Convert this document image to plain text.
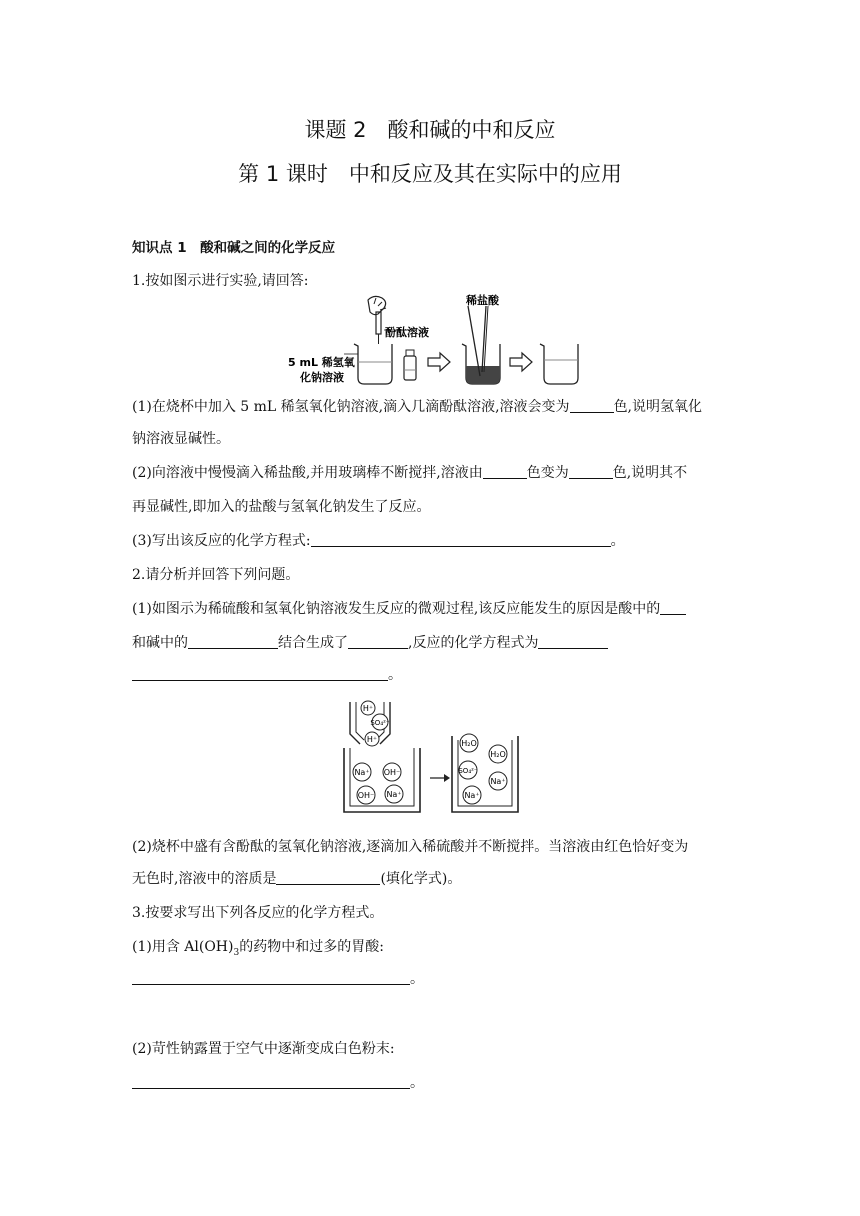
课题 2　酸和碱的中和反应
第 1 课时　中和反应及其在实际中的应用
知识点 1　酸和碱之间的化学反应
1.按如图示进行实验,请回答:
酚酞溶液
5 mL 稀氢氧
化钠溶液
稀盐酸
(1)在烧杯中加入 5 mL 稀氢氧化钠溶液,滴入几滴酚酞溶液,溶液会变为	色,说明氢氧化
钠溶液显碱性。
(2)向溶液中慢慢滴入稀盐酸,并用玻璃棒不断搅拌,溶液由	色变为	色,说明其不
再显碱性,即加入的盐酸与氢氧化钠发生了反应。
(3)写出该反应的化学方程式:	。
2.请分析并回答下列问题。
(1)如图示为稀硫酸和氢氧化钠溶液发生反应的微观过程,该反应能发生的原因是酸中的
和碱中的	结合生成了	,反应的化学方程式为
。
H⁺
SO₄²⁻
H⁺
Na⁺ OH⁻
OH⁻ Na⁺
H₂O
H₂O
SO₄²⁻
Na⁺
Na⁺
(2)烧杯中盛有含酚酞的氢氧化钠溶液,逐滴加入稀硫酸并不断搅拌。当溶液由红色恰好变为
无色时,溶液中的溶质是	(填化学式)。
3.按要求写出下列各反应的化学方程式。
(1)用含 $Al(OH)_3$的药物中和过多的胃酸:
。
(2)苛性钠露置于空气中逐渐变成白色粉末:
。
